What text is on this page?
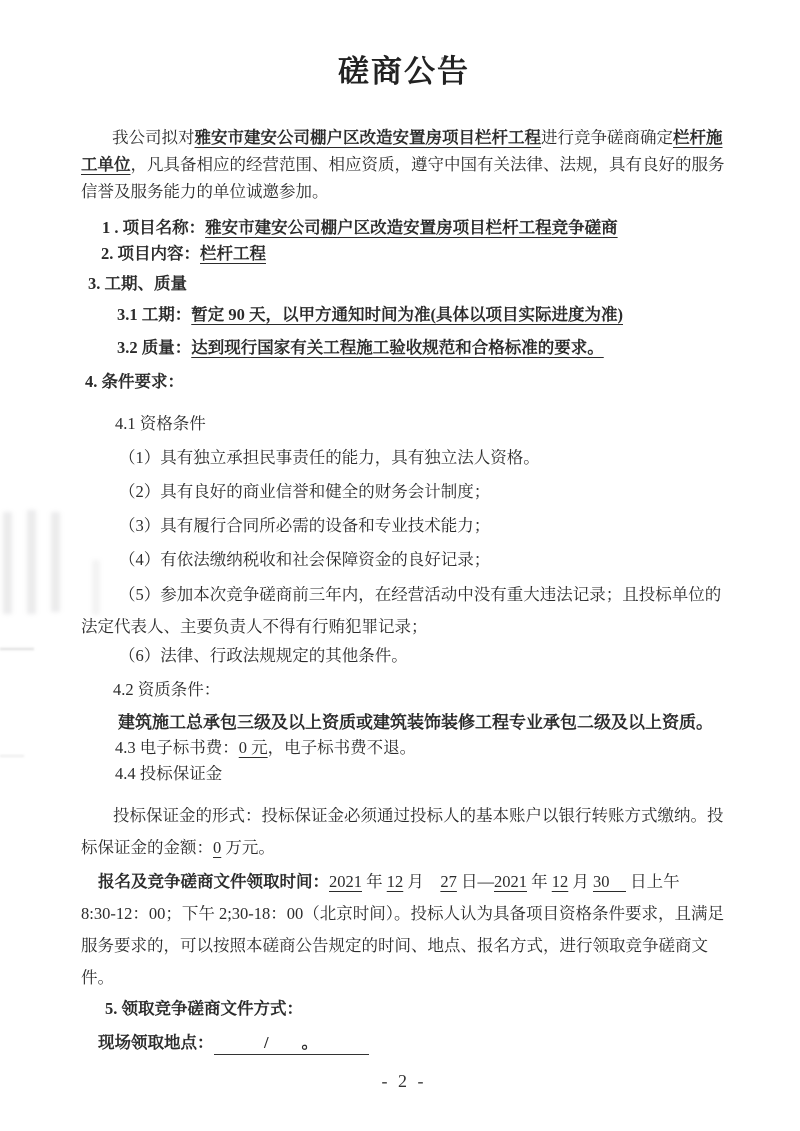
磋商公告

我公司拟对雅安市建安公司棚户区改造安置房项目栏杆工程进行竞争磋商确定栏杆施工单位，凡具备相应的经营范围、相应资质，遵守中国有关法律、法规，具有良好的服务信誉及服务能力的单位诚邀参加。

1 . 项目名称：雅安市建安公司棚户区改造安置房项目栏杆工程竞争磋商

2. 项目内容：栏杆工程

3. 工期、质量

3.1 工期：暂定 90 天，以甲方通知时间为准(具体以项目实际进度为准)

3.2 质量：达到现行国家有关工程施工验收规范和合格标准的要求。

4. 条件要求：

4.1 资格条件

（1）具有独立承担民事责任的能力，具有独立法人资格。

（2）具有良好的商业信誉和健全的财务会计制度；

（3）具有履行合同所必需的设备和专业技术能力；

（4）有依法缴纳税收和社会保障资金的良好记录；

（5）参加本次竞争磋商前三年内，在经营活动中没有重大违法记录；且投标单位的法定代表人、主要负责人不得有行贿犯罪记录；

（6）法律、行政法规规定的其他条件。

4.2 资质条件：

建筑施工总承包三级及以上资质或建筑装饰装修工程专业承包二级及以上资质。

4.3 电子标书费：0 元，电子标书费不退。

4.4 投标保证金

投标保证金的形式：投标保证金必须通过投标人的基本账户以银行转账方式缴纳。投标保证金的金额：0 万元。

报名及竞争磋商文件领取时间：2021 年 12 月　27 日—2021 年 12 月 30　 日上午
8:30-12：00；下午 2;30-18：00（北京时间）。投标人认为具备项目资格条件要求，且满足服务要求的，可以按照本磋商公告规定的时间、地点、报名方式，进行领取竞争磋商文件。

5. 领取竞争磋商文件方式：

现场领取地点：	/　　。

- 2 -
